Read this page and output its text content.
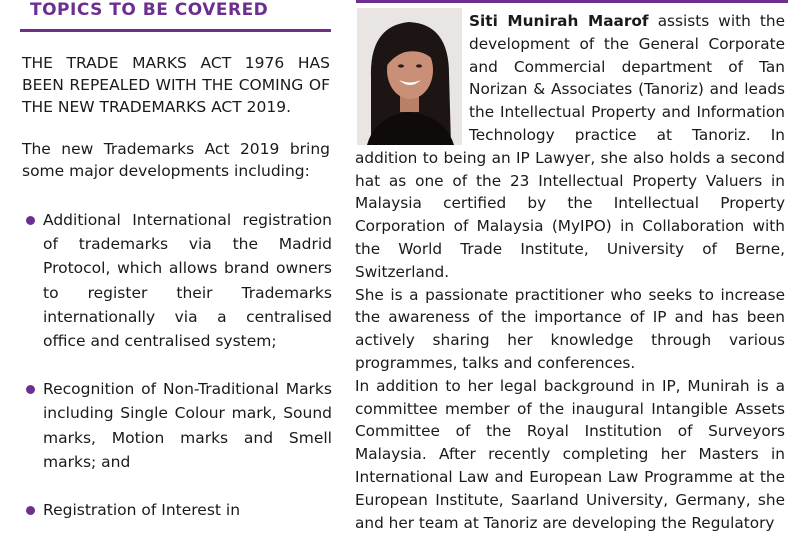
TOPICS TO BE COVERED

THE TRADE MARKS ACT 1976 HAS BEEN REPEALED WITH THE COMING OF THE NEW TRADEMARKS ACT 2019.

The new Trademarks Act 2019 bring some major developments including:

Additional International registration of trademarks via the Madrid Protocol, which allows brand owners to register their Trademarks internationally via a centralised office and centralised system;
Recognition of Non-Traditional Marks including Single Colour mark, Sound marks, Motion marks and Smell marks; and
Registration of Interest in

Siti Munirah Maarof assists with the development of the General Corporate and Commercial department of Tan Norizan & Associates (Tanoriz) and leads the Intellectual Property and Information Technology practice at Tanoriz. In addition to being an IP Lawyer, she also holds a second hat as one of the 23 Intellectual Property Valuers in Malaysia certified by the Intellectual Property Corporation of Malaysia (MyIPO) in Collaboration with the World Trade Institute, University of Berne, Switzerland.

She is a passionate practitioner who seeks to increase the awareness of the importance of IP and has been actively sharing her knowledge through various programmes, talks and conferences.

In addition to her legal background in IP, Munirah is a committee member of the inaugural Intangible Assets Committee of the Royal Institution of Surveyors Malaysia. After recently completing her Masters in International Law and European Law Programme at the European Institute, Saarland University, Germany, she and her team at Tanoriz are developing the Regulatory
